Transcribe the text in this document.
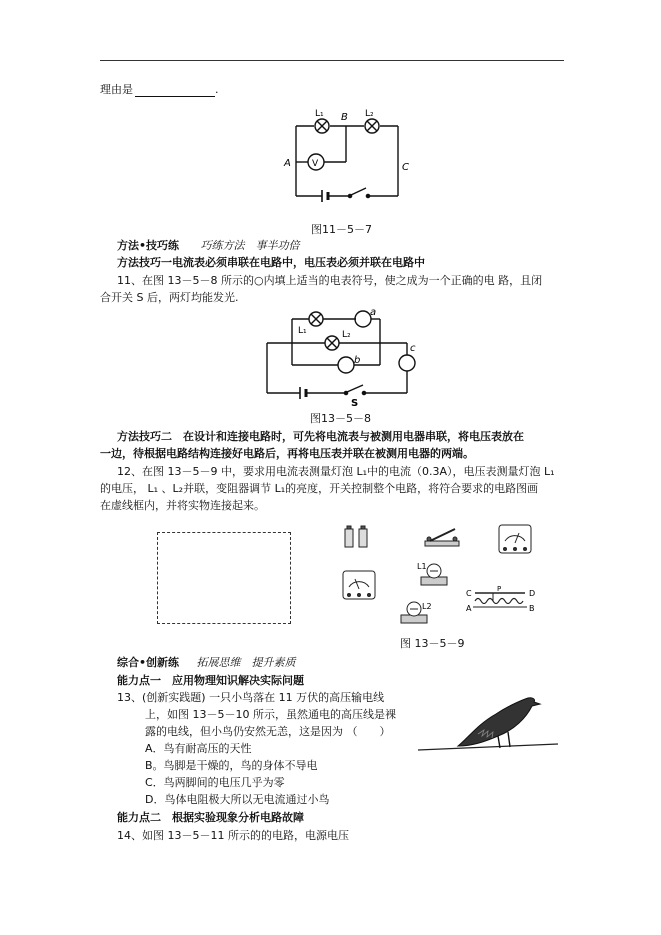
理由是	.
L₁	L₂
B
A	C
V
图11－5－7
方法•技巧练 巧练方法　事半功倍
方法技巧一电流表必须串联在电路中，电压表必须并联在电路中
11、在图 13－5－8 所示的○内填上适当的电表符号，使之成为一个正确的电 路，且闭
合开关 S 后，两灯均能发光.
a
b
c
L₁	L₂
S
图13－5－8
方法技巧二　在设计和连接电路时，可先将电流表与被测用电器串联，将电压表放在
一边，待根据电路结构连接好电路后，再将电压表并联在被测用电器的两端。
12、在图 13－5－9 中，要求用电流表测量灯泡 L₁中的电流（0.3A），电压表测量灯泡 L₁
的电压， L₁ 、L₂并联，变阻器调节 L₁的亮度，开关控制整个电路，将符合要求的电路图画
在虚线框内，并将实物连接起来。
L1
L2
C	D
A	B
P
图 13－5－9
综合•创新练 拓展思维　提升素质
能力点一　应用物理知识解决实际问题
13、(创新实践题) 一只小鸟落在 11 万伏的高压输电线
上，如图 13－5－10 所示，虽然通电的高压线是裸
露的电线，但小鸟仍安然无恙，这是因为 （　　）
A．鸟有耐高压的天性
B。鸟脚是干燥的，鸟的身体不导电
C．鸟两脚间的电压几乎为零
D．鸟体电阻极大所以无电流通过小鸟
能力点二　根据实验现象分析电路故障
14、如图 13－5－11 所示的的电路，电源电压
